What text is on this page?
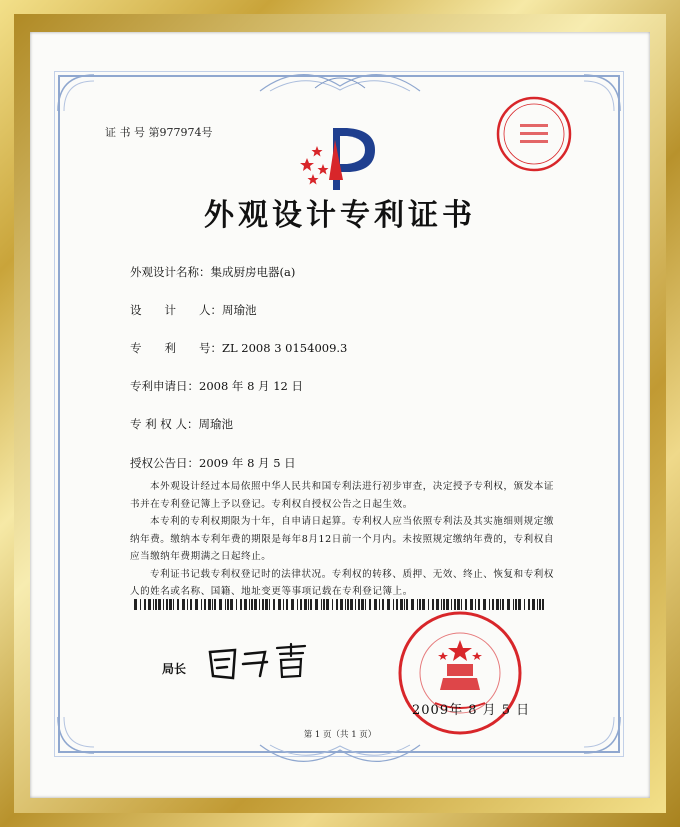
证 书 号 第977974号
外观设计专利证书
外观设计名称：集成厨房电器(a)
设　　计　　人：周瑜池
专　　利　　号：ZL 2008 3 0154009.3
专利申请日：2008 年 8 月 12 日
专 利 权 人：周瑜池
授权公告日：2009 年 8 月 5 日

本外观设计经过本局依照中华人民共和国专利法进行初步审查，决定授予专利权，颁发本证书并在专利登记簿上予以登记。专利权自授权公告之日起生效。

本专利的专利权期限为十年，自申请日起算。专利权人应当依照专利法及其实施细则规定缴纳年费。缴纳本专利年费的期限是每年8月12日前一个月内。未按照规定缴纳年费的，专利权自应当缴纳年费期满之日起终止。

专利证书记载专利权登记时的法律状况。专利权的转移、质押、无效、终止、恢复和专利权人的姓名或名称、国籍、地址变更等事项记载在专利登记簿上。

局长
2009年 8 月 5 日
第 1 页（共 1 页）
